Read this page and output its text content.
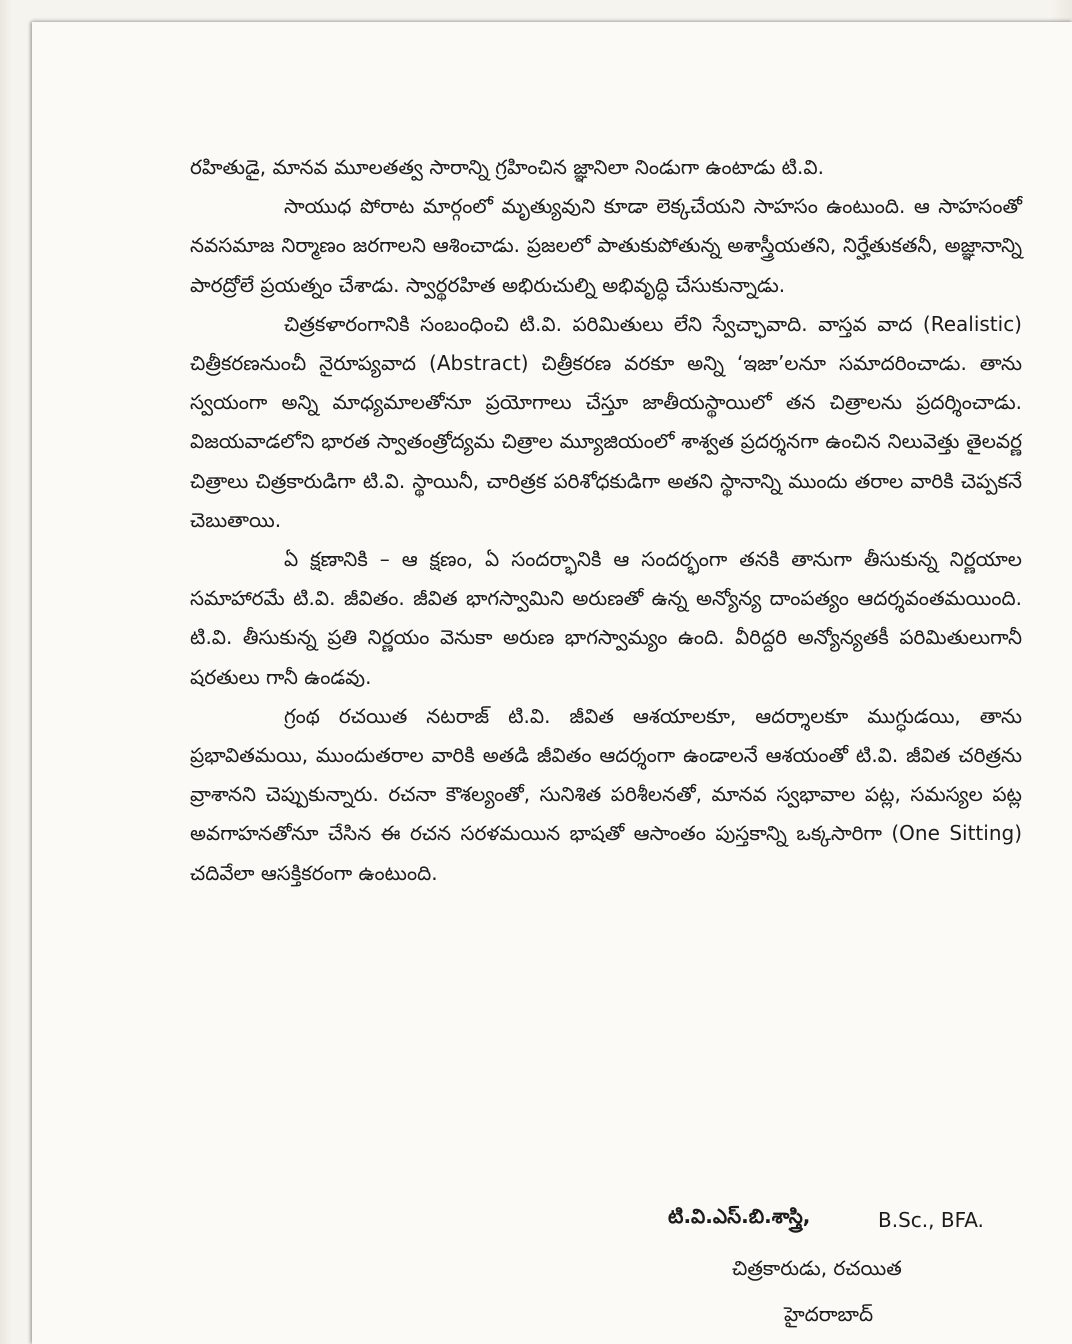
రహితుడై, మానవ మూలతత్వ సారాన్ని గ్రహించిన జ్ఞానిలా నిండుగా ఉంటాడు టి.వి.

సాయుధ పోరాట మార్గంలో మృత్యువుని కూడా లెక్కచేయని సాహసం ఉంటుంది. ఆ సాహసంతో నవసమాజ నిర్మాణం జరగాలని ఆశించాడు. ప్రజలలో పాతుకుపోతున్న అశాస్త్రీయతని, నిర్హేతుకతనీ, అజ్ఞానాన్ని పారద్రోలే ప్రయత్నం చేశాడు. స్వార్థరహిత అభిరుచుల్ని అభివృద్ధి చేసుకున్నాడు.

చిత్రకళారంగానికి సంబంధించి టి.వి. పరిమితులు లేని స్వేచ్ఛావాది. వాస్తవ వాద (Realistic) చిత్రీకరణనుంచీ నైరూప్యవాద (Abstract) చిత్రీకరణ వరకూ అన్ని ‘ఇజా’లనూ సమాదరించాడు. తాను స్వయంగా అన్ని మాధ్యమాలతోనూ ప్రయోగాలు చేస్తూ జాతీయస్థాయిలో తన చిత్రాలను ప్రదర్శించాడు. విజయవాడలోని భారత స్వాతంత్రోద్యమ చిత్రాల మ్యూజియంలో శాశ్వత ప్రదర్శనగా ఉంచిన నిలువెత్తు తైలవర్ణ చిత్రాలు చిత్రకారుడిగా టి.వి. స్థాయినీ, చారిత్రక పరిశోధకుడిగా అతని స్థానాన్ని ముందు తరాల వారికి చెప్పకనే చెబుతాయి.

ఏ క్షణానికి – ఆ క్షణం, ఏ సందర్భానికి ఆ సందర్భంగా తనకి తానుగా తీసుకున్న నిర్ణయాల సమాహారమే టి.వి. జీవితం. జీవిత భాగస్వామిని అరుణతో ఉన్న అన్యోన్య దాంపత్యం ఆదర్శవంతమయింది. టి.వి. తీసుకున్న ప్రతి నిర్ణయం వెనుకా అరుణ భాగస్వామ్యం ఉంది. వీరిద్దరి అన్యోన్యతకీ పరిమితులుగానీ షరతులు గానీ ఉండవు.

గ్రంథ రచయిత నటరాజ్ టి.వి. జీవిత ఆశయాలకూ, ఆదర్శాలకూ ముగ్ధుడయి, తాను ప్రభావితమయి, ముందుతరాల వారికి అతడి జీవితం ఆదర్శంగా ఉండాలనే ఆశయంతో టి.వి. జీవిత చరిత్రను వ్రాశానని చెప్పుకున్నారు. రచనా కౌశల్యంతో, సునిశిత పరిశీలనతో, మానవ స్వభావాల పట్ల, సమస్యల పట్ల అవగాహనతోనూ చేసిన ఈ రచన సరళమయిన భాషతో ఆసాంతం పుస్తకాన్ని ఒక్కసారిగా (One Sitting) చదివేలా ఆసక్తికరంగా ఉంటుంది.

టి.వి.ఎస్.బి.శాస్త్రి,	B.Sc., BFA.
చిత్రకారుడు, రచయిత
హైదరాబాద్
